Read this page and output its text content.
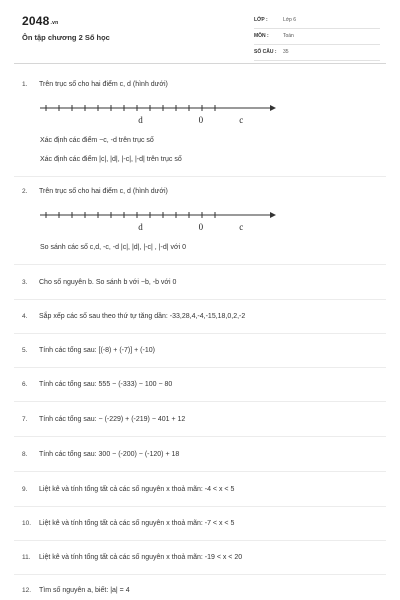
2048.vn
Ôn tập chương 2 Số học
LỚP :	Lớp 6
MÔN :	Toán
SỐ CÂU : 35
1. Trên trục số cho hai điểm c, d (hình dưới)
d	0	c
Xác định các điểm −c, -d trên trục số
Xác định các điểm |c|, |d|, |-c|, |-d| trên trục số
2. Trên trục số cho hai điểm c, d (hình dưới)
d	0	c
So sánh các số c,d, -c, -d |c|, |d|, |-c| , |-d| với 0
3. Cho số nguyên b. So sánh b với −b, -b với 0
4. Sắp xếp các số sau theo thứ tự tăng dần: -33,28,4,-4,-15,18,0,2,-2
5. Tính các tổng sau: [(-8) + (-7)] + (-10)
6. Tính các tổng sau: 555 − (-333) − 100 − 80
7. Tính các tổng sau: − (-229) + (-219) − 401 + 12
8. Tính các tổng sau: 300 − (-200) − (-120) + 18
9. Liệt kê và tính tổng tất cả các số nguyên x thoả mãn: -4 < x < 5
10. Liệt kê và tính tổng tất cả các số nguyên x thoả mãn: -7 < x < 5
11. Liệt kê và tính tổng tất cả các số nguyên x thoả mãn: -19 < x < 20
12. Tìm số nguyên a, biết: |a| = 4
